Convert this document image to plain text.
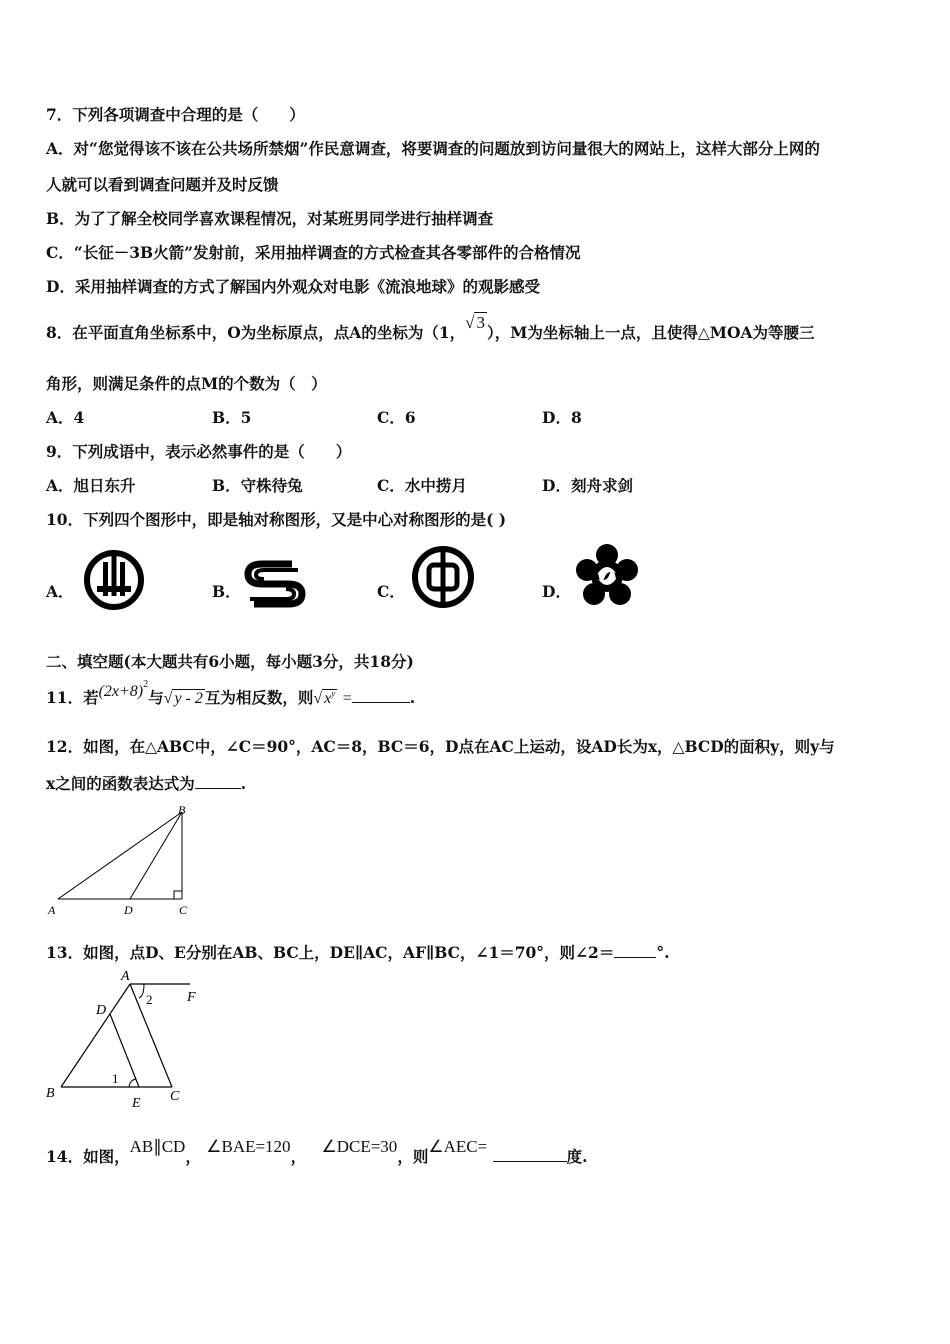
7．下列各项调查中合理的是（　　）
A．对“您觉得该不该在公共场所禁烟”作民意调查，将要调查的问题放到访问量很大的网站上，这样大部分上网的
人就可以看到调查问题并及时反馈
B．为了了解全校同学喜欢课程情况，对某班男同学进行抽样调查
C．“长征－3B火箭”发射前，采用抽样调查的方式检查其各零部件的合格情况
D．采用抽样调查的方式了解国内外观众对电影《流浪地球》的观影感受
8．在平面直角坐标系中，O为坐标原点，点A的坐标为（1，√ 3），M为坐标轴上一点，且使得△MOA为等腰三
角形，则满足条件的点M的个数为（　）
A．4	B．5	C．6	D．8
9．下列成语中，表示必然事件的是（　　）
A．旭日东升	B．守株待兔	C．水中捞月	D．刻舟求剑
10．下列四个图形中，即是轴对称图形，又是中心对称图形的是( )
A．	B．	C．	D．
二、填空题(本大题共有6小题，每小题3分，共18分)
11．若$(2x+8)^2$与√ y - 2 互为相反数，则√ $x^y$ =	.
12．如图，在△ABC中，∠C＝90°，AC＝8，BC＝6，D点在AC上运动，设AD长为x，△BCD的面积y，则y与
x之间的函数表达式为	.
A	D	C
B
13．如图，点D、E分别在AB、BC上，DE∥AC，AF∥BC，∠1＝70°，则∠2＝	°.
A
F
D
B
E C
1
2
14．如图，AB∥CD， ∠BAE=120， ∠DCE=30，则∠AEC= 度.
